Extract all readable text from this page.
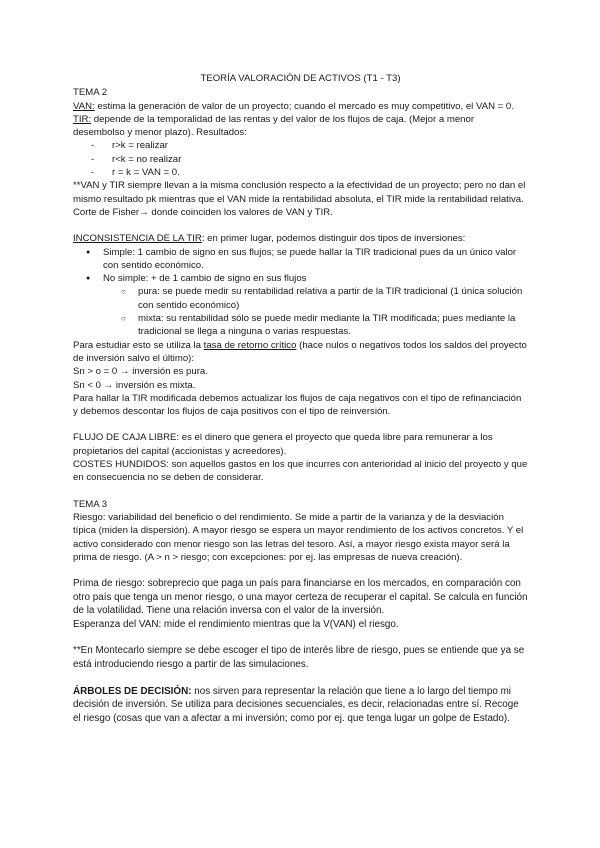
TEORÍA VALORACIÓN DE ACTIVOS (T1 - T3)

TEMA 2

VAN: estima la generación de valor de un proyecto; cuando el mercado es muy competitivo, el VAN = 0.

TIR: depende de la temporalidad de las rentas y del valor de los flujos de caja. (Mejor a menor desembolso y menor plazo). Resultados:

- r>k = realizar
- r<k = no realizar
- r = k = VAN = 0.

**VAN y TIR siempre llevan a la misma conclusión respecto a la efectividad de un proyecto; pero no dan el mismo resultado pk mientras que el VAN mide la rentabilidad absoluta, el TIR mide la rentabilidad relativa. Corte de Fisher→ donde coinciden los valores de VAN y TIR.

INCONSISTENCIA DE LA TIR: en primer lugar, podemos distinguir dos tipos de inversiones:

● Simple: 1 cambio de signo en sus flujos; se puede hallar la TIR tradicional pues da un único valor con sentido económico.
● No simple: + de 1 cambio de signo en sus flujos
○ pura: se puede medir su rentabilidad relativa a partir de la TIR tradicional (1 única solución con sentido económico)
○ mixta: su rentabilidad sólo se puede medir mediante la TIR modificada; pues mediante la tradicional se llega a ninguna o varias respuestas.

Para estudiar esto se utiliza la tasa de retorno crítico (hace nulos o negativos todos los saldos del proyecto de inversión salvo el último):

Sn > o = 0 → inversión es pura.

Sn < 0 → inversión es mixta.

Para hallar la TIR modificada debemos actualizar los flujos de caja negativos con el tipo de refinanciación y debemos descontar los flujos de caja positivos con el tipo de reinversión.

FLUJO DE CAJA LIBRE: es el dinero que genera el proyecto que queda libre para remunerar a los propietarios del capital (accionistas y acreedores).

COSTES HUNDIDOS: son aquellos gastos en los que incurres con anterioridad al inicio del proyecto y que en consecuencia no se deben de considerar.

TEMA 3

Riesgo: variabilidad del beneficio o del rendimiento. Se mide a partir de la varianza y de la desviación típica (miden la dispersión). A mayor riesgo se espera un mayor rendimiento de los activos concretos. Y el activo considerado con menor riesgo son las letras del tesoro. Así, a mayor riesgo exista mayor será la prima de riesgo. (A > n > riesgo; con excepciones: por ej. las empresas de nueva creación).

Prima de riesgo: sobreprecio que paga un país para financiarse en los mercados, en comparación con otro país que tenga un menor riesgo, o una mayor certeza de recuperar el capital. Se calcula en función de la volatilidad. Tiene una relación inversa con el valor de la inversión.

Esperanza del VAN: mide el rendimiento mientras que la V(VAN) el riesgo.

**En Montecarlo siempre se debe escoger el tipo de interés libre de riesgo, pues se entiende que ya se está introduciendo riesgo a partir de las simulaciones.

ÁRBOLES DE DECISIÓN: nos sirven para representar la relación que tiene a lo largo del tiempo mi decisión de inversión. Se utiliza para decisiones secuenciales, es decir, relacionadas entre sí. Recoge el riesgo (cosas que van a afectar a mi inversión; como por ej. que tenga lugar un golpe de Estado).
